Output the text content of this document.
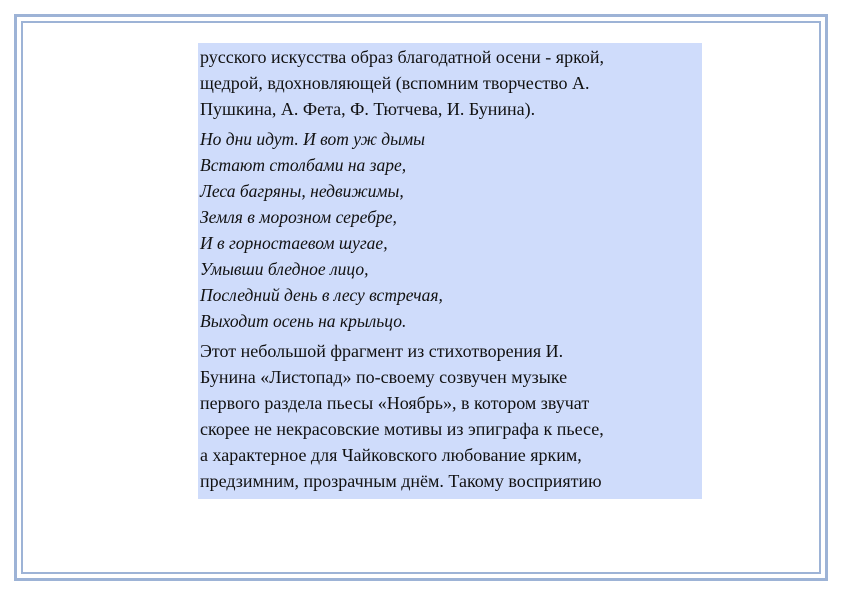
русского искусства образ благодатной осени - яркой,
щедрой, вдохновляющей (вспомним творчество А.
Пушкина, А. Фета, Ф. Тютчева, И. Бунина).

Но дни идут. И вот уж дымы
Встают столбами на заре,
Леса багряны, недвижимы,
Земля в морозном серебре,
И в горностаевом шугае,
Умывши бледное лицо,
Последний день в лесу встречая,
Выходит осень на крыльцо.

Этот небольшой фрагмент из стихотворения И.
Бунина «Листопад» по-своему созвучен музыке
первого раздела пьесы «Ноябрь», в котором звучат
скорее не некрасовские мотивы из эпиграфа к пьесе,
а характерное для Чайковского любование ярким,
предзимним, прозрачным днём. Такому восприятию
